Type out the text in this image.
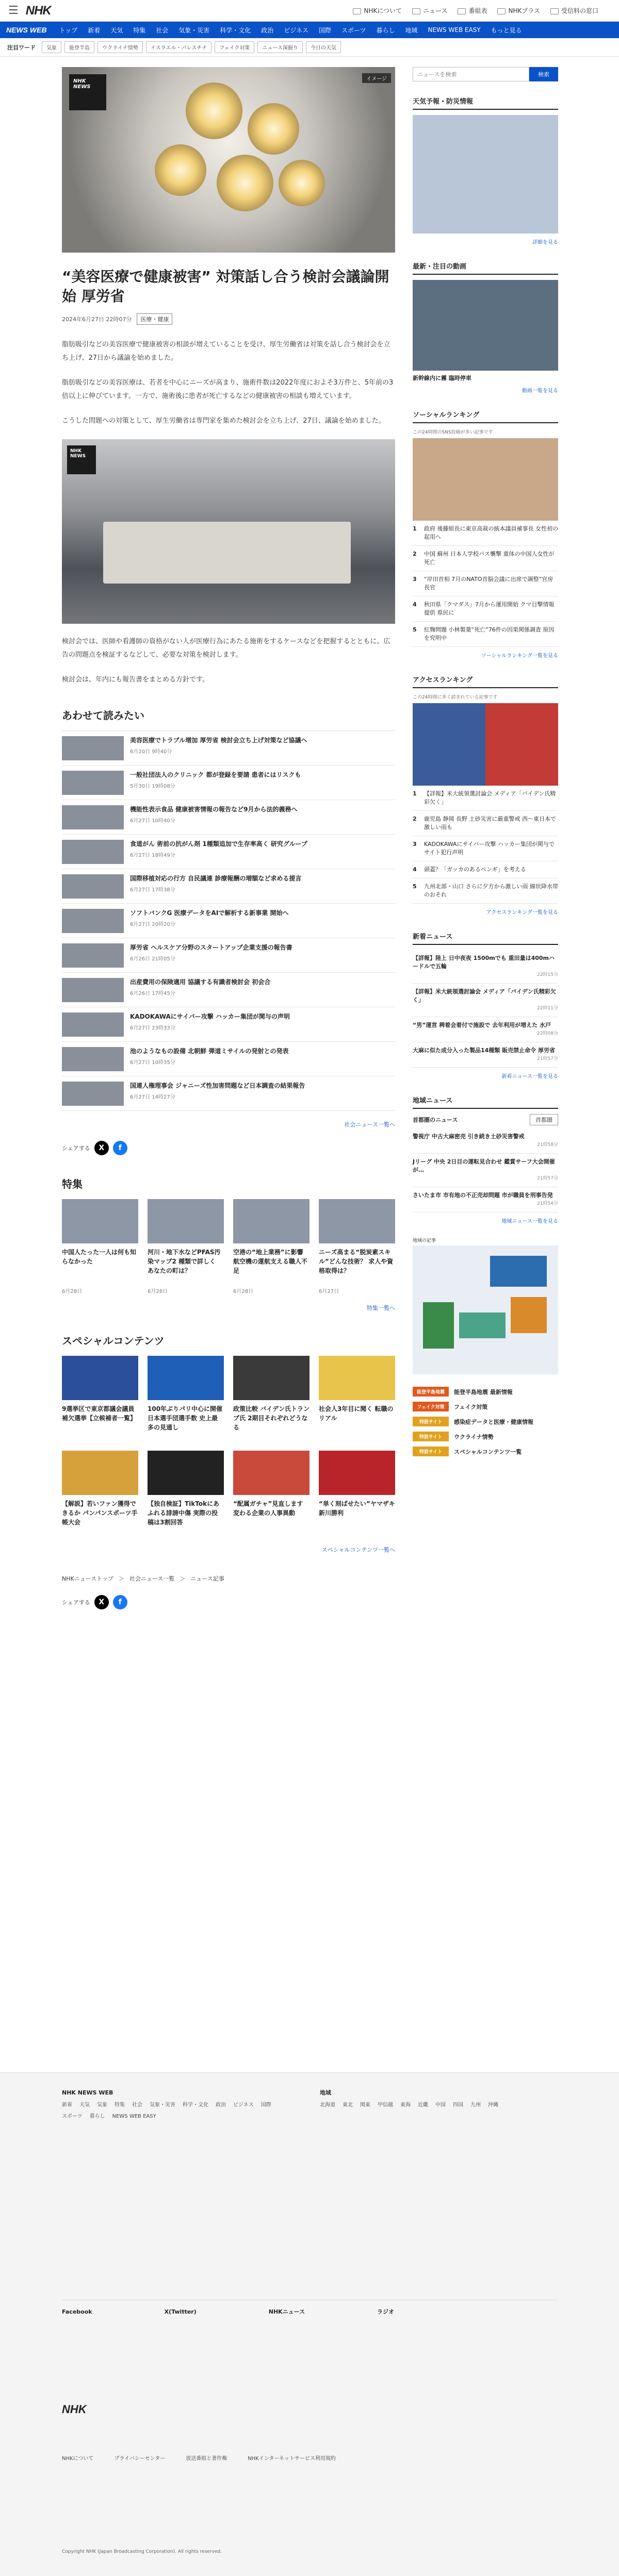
☰ NHK	NHKについて	ニュース	番組表	NHKプラス	受信料の窓口
NEWS WEB トップ 新着 天気 特集 社会 気象・災害 科学・文化 政治 ビジネス 国際 スポーツ 暮らし 地域 NEWS WEB EASY もっと見る
注目ワード	気象	能登半島	ウクライナ情勢	イスラエル・パレスチナ	フェイク対策	ニュース深掘り	今日の天気
NHK NEWS
イメージ
“美容医療で健康被害” 対策話し合う検討会議論開始 厚労省
2024年6月27日 22時07分	医療・健康

脂肪吸引などの美容医療で健康被害の相談が増えていることを受け、厚生労働省は対策を話し合う検討会を立ち上げ、27日から議論を始めました。

脂肪吸引などの美容医療は、若者を中心にニーズが高まり、施術件数は2022年度におよそ3万件と、5年前の3倍以上に伸びています。一方で、施術後に患者が死亡するなどの健康被害の相談も増えています。

こうした問題への対策として、厚生労働省は専門家を集めた検討会を立ち上げ、27日、議論を始めました。

NHK NEWS

検討会では、医師や看護師の資格がない人が医療行為にあたる施術をするケースなどを把握するとともに、広告の問題点を検証するなどして、必要な対策を検討します。

検討会は、年内にも報告書をまとめる方針です。

あわせて読みたい
美容医療でトラブル増加 厚労省 検討会立ち上げ対策など協議へ
6月20日 9時40分
一般社団法人のクリニック 都が登録を要請 患者にはリスクも
5月30日 19時08分
機能性表示食品 健康被害情報の報告など9月から法的義務へ
6月27日 10時40分
食道がん 術前の抗がん剤 1種類追加で生存率高く 研究グループ
6月27日 18時49分
国際移植対応の行方 自民議連 診療報酬の増額など求める提言
6月27日 17時38分
ソフトバンクG 医療データをAIで解析する新事業 開始へ
6月27日 20時20分
厚労省 ヘルスケア分野のスタートアップ企業支援の報告書
6月26日 21時05分
出産費用の保険適用 協議する有識者検討会 初会合
6月26日 17時45分
KADOKAWAにサイバー攻撃 ハッカー集団が関与の声明
6月27日 23時33分
池のようなもの設備 北朝鮮 弾道ミサイルの発射との発表
6月27日 10時35分
国連人権理事会 ジャニーズ性加害問題など日本調査の結果報告
6月27日 14時27分
社会ニュース一覧へ
シェアする	X	f
特集
中国人たった一人は何も知らなかった
6月28日
河川・地下水などPFAS汚染マップ2 種類で詳しく あなたの町は？
6月28日
空港の“地上業務”に影響 航空機の運航支える職人不足
6月28日
ニーズ高まる“脱炭素スキル”どんな技術？ 求人や資格取得は？
6月27日
特集一覧へ
スペシャルコンテンツ
9選挙区で東京都議会議員補欠選挙【立候補者一覧】
100年ぶりパリ中心に開催 日本選手団選手数 史上最多の見通し
政策比較 バイデン氏トランプ氏 2期目それぞれどうなる
社会人3年目に聞く 転職のリアル
【解説】若いファン獲得できるか パンパンスポーツ手帳大会
【独自検証】TikTokにあふれる誹謗中傷 実際の投稿は3割回答
“配属ガチャ”見直します 変わる企業の人事異動
“単く刻ばせたい”ヤマザキ 新川勝利
スペシャルコンテンツ一覧へ
NHKニューストップ ＞ 社会ニュース一覧 ＞ ニュース記事
シェアする	X	f
ニュースを検索
検索
天気予報・防災情報
詳細を見る
最新・注目の動画
新幹線内に霧 臨時停車
動画一覧を見る
ソーシャルランキング
この24時間のSNS投稿が多い記事です
1	政府 後藤組長に東京高裁の統本議員補事長 女性初の起用へ
2	中国 蘇州 日本人学校バス襲撃 重体の中国人女性が死亡
3	“岸田首相 7月のNATO首脳会議に出席で調整”官房長官
4	秋田県「クマダス」7月から運用開始 クマ目撃情報提供 県民に
5	紅麹問題 小林製薬“死亡”76件の因果関係調査 原因を究明中
ソーシャルランキング一覧を見る
アクセスランキング
この24時間に多く読まれている記事です
1	【詳報】米大統領選討論会 メディア「バイデン氏精彩欠く」
2	鹿児島 静岡 長野 土砂災害に厳重警戒 西～東日本で激しい雨も
3	KADOKAWAにサイバー攻撃 ハッカー集団が関与でサイト犯行声明
4	頭蓋？「ガッカのあるペンギ」を考える
5	九州北部・山口 さらに夕方から激しい雨 線状降水帯のおそれ
アクセスランキング一覧を見る
新着ニュース
【詳報】陸上 日中夜夜 1500mでも 重田量は400mハードルで五輪
22時15分
【詳報】米大統領選討論会 メディア「バイデン氏精彩欠く」
22時11分
“男”運営 稗着会着付で施設で 去年利用が増えた 水戸
22時08分
大麻に似た成分入った製品14種類 販売禁止命令 厚労省
21時57分
新着ニュース一覧を見る
地域ニュース
首都圏のニュース	首都圏
警視庁 中古大麻密売 引き続き土砂災害警戒
21時58分
Jリーグ 中央 2日目の運転見合わせ 鑑賞サーフ大会開催が…
21時57分
さいたま市 市有地の不正売却問題 市が職員を刑事告発
21時54分
地域ニュース一覧を見る
地域の記事
能登半島地震	能登半島地震 最新情報
フェイク対策	フェイク対策
特設サイト	感染症データと医療・健康情報
特設サイト	ウクライナ情勢
特設サイト	スペシャルコンテンツ一覧
NHK NEWS WEB
新着 天気 気象 特集 社会 気象・災害 科学・文化 政治 ビジネス 国際
スポーツ 暮らし NEWS WEB EASY
地域
北海道 東北 関東 甲信越 東海 近畿 中国 四国 九州 沖縄
Facebook	X(Twitter)	NHKニュース	ラジオ
NHK
NHKについて	プライバシーセンター	放送番組と著作権	NHKインターネットサービス利用規約
Copyright NHK (Japan Broadcasting Corporation). All rights reserved.
